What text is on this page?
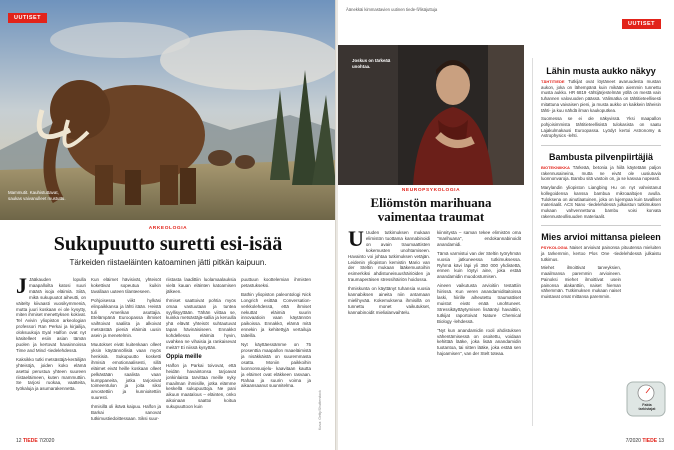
UUTISET
Mammutit. Kauhistuttavat, saukas vaivanulleet mustuttu.
ARKEOLOGIA
Sukupuutto suretti esi-isää
Tärkeiden riistaeläinten katoaminen jätti pitkän kaipuun.

J Jääkauden lopulla maapalloilta katosi suuri määrä isoja eläimiä. Siitä, mikä sukupuutot aiheutti, on väitelty kiivaasti vuosikymmeniä, mutta juuri koskaan ei ole kysytty, miten ihmiset menettyksen kokivat. Tel Avivin yliopiston arkeologian professori Ran Perkai ja kirjailija, oloksuukoja Eyal Halfon ovat nyt käsitelleet esiin asian tämän puolen ja kertovat havainnoissa Time and Mind -tiedelehdessä.

Kaksikko tutki metsästäjä-keräilijän yhteisöjä, joiden koko elämä asettui perustua yhteen suureen riistaeläimeen, kuten mammuttiin. Se tarjosi ruokaa, vaatteita, työkaluja ja asumarakennetta.

Kun eläimet hävisivät, yhteisöt kokettivat sopeutua kuikin tavallaan uuteen tilanteeseen.

Pohjoisessa viikt hylkäsi elinpaikkansa ja lähti itään. Heistä tuli Amerikan asuttajia. Etelämpänä Euroopassa ihmiset vaihtoivat saaliita ja alkoivat metsästää pieniä eläimiä uusin asein ja menetelmin.

Muutokset eivät kuitenkaan olleet yksin käytännöllisiä vaan myös henkisiä. Sukupuutto kosketti ihmisiä emotionaalisesti, sillä eläimet eivät heille koskaan olleet pelkästään saalista vaan kumppaneita, jotka tarjosivat toimeentulon ja joita siksi arvostettiin ja kunnioitettiin suuresti.

Ihmisillä oli ikävä kaipuu. Halfon ja Barkai sanovat tutkimustiedoittessaan. Siksi suur-

riistasta laadittiin luolamaalauksia vielä kauan eläinten katoamisen jälkeen.

Ihmiset saattoivat pohtia myös omaa vastuutaan ja tuntea syyllisyyttään. Tähän viittaa se, kuinka metsästäjä-sallia ja keruulla yhä elävät yhteisöt suhtautuvat tapan hävinäisiseen. Ennakkö kohdellessa eläimiä hyvin, uvahkea ne vihaisia ja rankaisevat meitä? Ei niissä kysyttän.

Oppia meille

Halfon ja Parkai toivovat, että heidän havaintonsa tarjoavat jonkinlaista tarvittaa meille nyky maailman ihmisille, jotka elämme keskellä sukupuuttoja. Ne pani aikuun maatalous – eläinten, onko aikoinaan saattoi koitua sukupuuttoon kuin

puuttuun koottelemian ihmisten petastukseksi.

Bathin yliopiston paleontologi Nick Longrich esittää Conversation-verkkolehdessä, että ihmiset nekuttat eläimiä suurin innovaatioin vaan käytännön paikoissa. Ennakkö, elämä mitä ennekin ja kehitettyjä vertailuja taiteilla.

Nyt käyttäessämme on 75 prosenttia maapallon maaeläimistä ja nisäkkäistä on suuremmasta osatta. Moniin paikkoihin luonnonsuojelu- kaavitaan kautta ja eläimet ovat eläkkeen rasvaan. Rahaa ja suurin voima ja aikaansaanut suunnitelma.

Kuva: Getty/Shutterstock
12 TIEDE 7/2020
Äänekkäi kimmastavien uutinen tiede-fi/lisäjuttuja
UUTISET
Joskus on tärkeää unohtaa.
NEUROPSYKOLOGIA
Eliömstön marihuana
vaimentaa traumat

U Uuden tutkimuksen mukaan elimistön tuottama kannabinoidi on avain traumaattisten kokemusten unohtamiseen. Havainto voi johtaa tutkimuksen vetäjän. Leidenin yliopiston kemistin Mario van der Steltin mukaan lääkemuotoihin esimerkiksi ahdistuneisuushäiriöiden ja traumaperäisen stressihäiriön hoidossa.

Ihmiskunta on käyttänyt tuhansia vuosia kannabiksen aineita niin antamaan mielihyvää. Kokemuksena ihmisillä on tunnettu monet vaikutukset, kannabinoidit mielialanvaihtelu.

kiinnitysta – saman tekee elimistön oma "marihuana", endokannabinoidit anandamidi.

Tämä varmistui van der Steltin työryhmän vuosia jatkuneessa tutkimuksessa. Ryhmä kävi läpi yli 350 000 yhdistettä, ennen kuin löytyi aine, joka estää anandamidin muodostumisen.

Aineen vaikutusta arvioitiin testattiin hiirissä. Kun veren anandamiditaitoissa laski, hiirille aiheutettu traumattiset muistot eivät enää unohtuneet. Stressikäyttäytymisen lisääntyi havaittiin, tutkijat raportoivat Nature Chemical Biology -lehdessä.

"Nyt kun anandamidin rooli ahdistuksen vähentämisessä on osoitettu, voidaan kehittää lääke, joka lisää anandamidin tuotantoa, tai sitten lääke, joka estää sen hajoamisen", van der Stelt toteaa.

Lähin musta aukko näkyy
TÄHTITIEDE Tutkijat ovat löytäneet avaruudesta mustan aukon, joka on lähempänä kuin mikään aiemmin tunnettu musta aukko. HR 6819 -tähtijärjestelmän yöllä on mestä vain tuhannen valovuoden päässä. Välimatka on tähtitieteellisesti mitattuna vaivaisen pieni, ja musta aukko on kaikkein läheisin tähti- ja kuu nähdä ilman kaukoputkea.
Suomessa se ei ole näkyvissä. Yksi maapallon pohjoisimmista tähtitieteellisistä tulokasista on saatu Lajakulmakausi Euroopassa. Lyödyt kertoi Astronomy & Astrophysics -lehti.
Bambusta pilvenpiirtäjiä
BIOTEKNIIKKA Tärkeää, betonia ja hiilä käytetään paljon rakennusaineina, mutta ne eivät ole uusiutuvia luonnonvaroja. Bambu sitä vastoin on, ja se kasvaa nopeasti.
Marylandin yliopiston Liangbing Hu on nyt vahvistanut kollegoidensa kanssa bambua mikroaaltojen avulla. Tuloksena on ainutlaatuinen, joka on lujempaa kuin tavalliset materiaalit. ACS Nano -tiedelehdessä julkaistun tutkimuksen mukaan vahvennettuna bambu voisi korvata rakennusteollisuuden materiaalit.
Mies arvioi mittansa pieleen
PSYKOLOGIA Naiset arvioivat painonsa pituutensa mieluiten ja tarkemmin, kertoo Plos One -tiedelehdessä julkaistu tutkimus.
Miehet ilmoittivat tarveyksien, maailmansa paremmin arvioineen. Painoksi miehet ilmoittivat usein painonsa alakanttiin, naiset hieman vähemmän. Tutkimuksen mukaan naiset muistavat omat mittansa paremmin.
Fakta tarkistajat
7/2020 TIEDE 13
